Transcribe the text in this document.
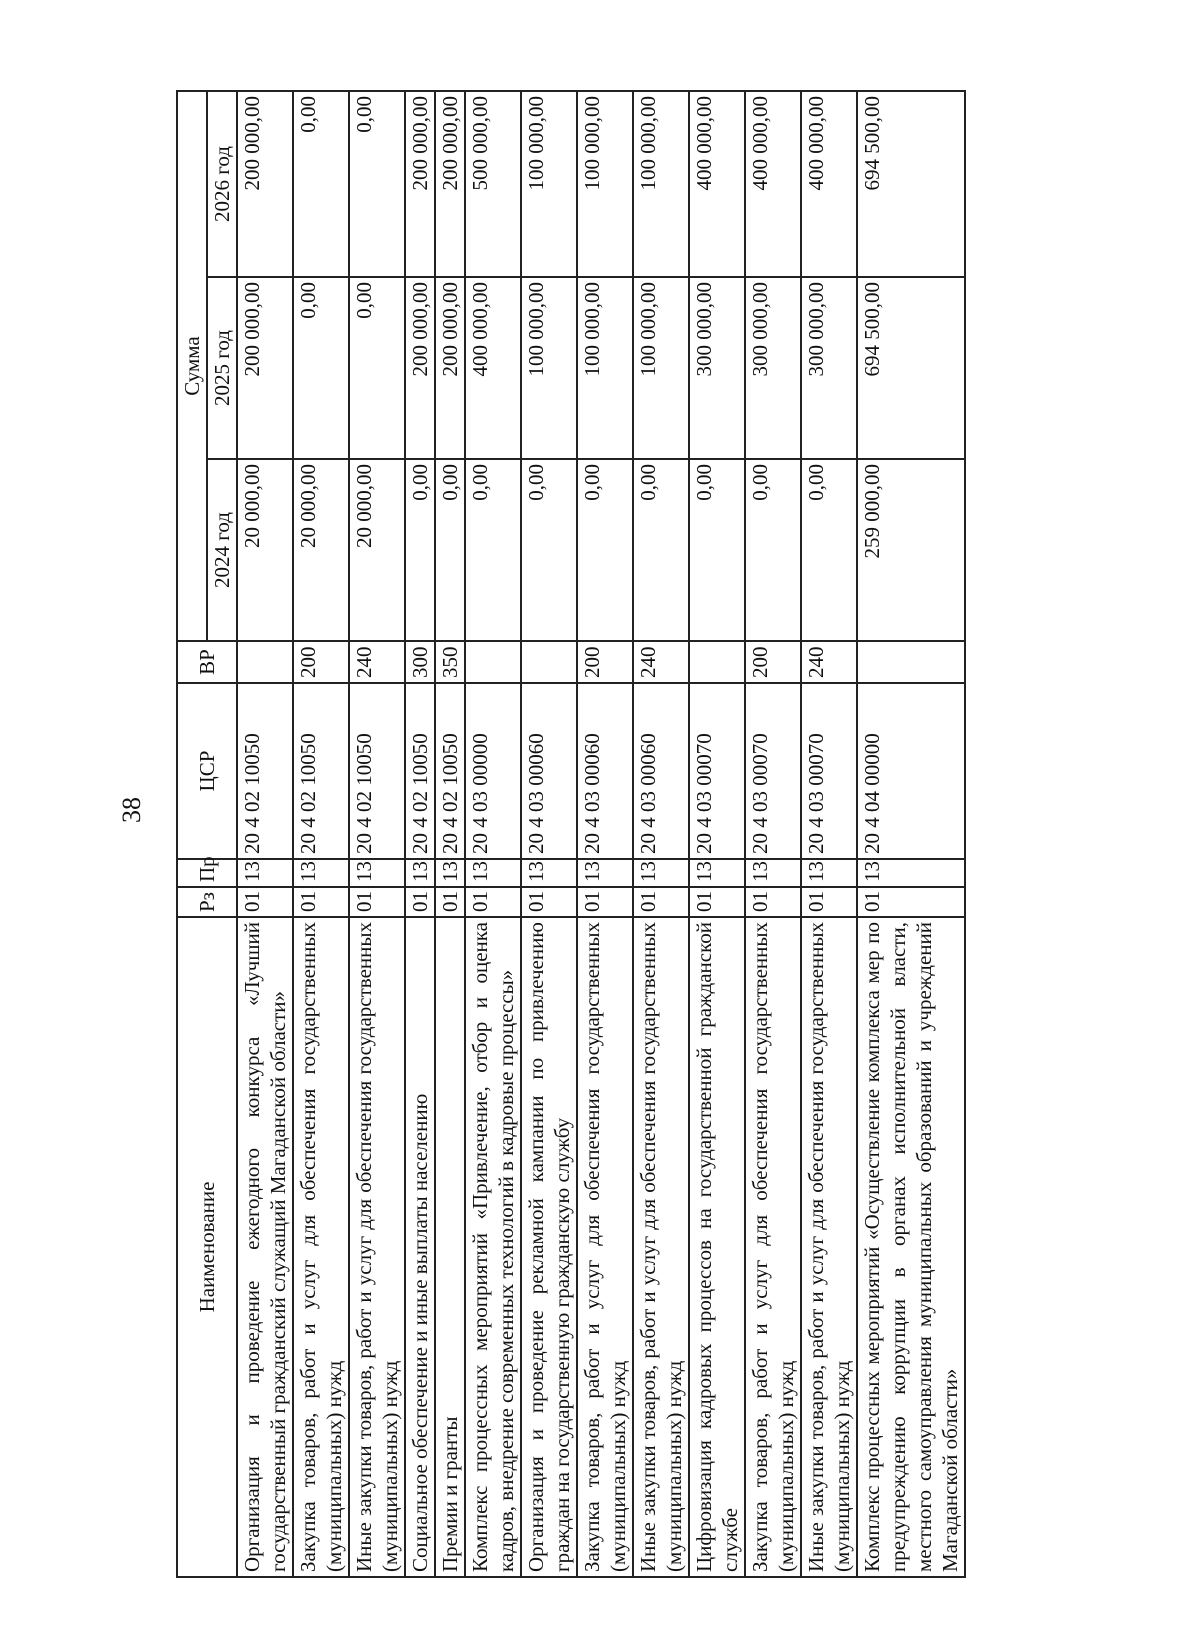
38
Наименование	Рз	Пр	ЦСР	ВР	Сумма		
					2024 год	2025 год	2026 год
Организация и проведение ежегодного конкурса «Лучший государственный гражданский служащий Магаданской области»	01	13	20 4 02 10050		20 000,00	200 000,00	200 000,00
Закупка товаров, работ и услуг для обеспечения государственных (муниципальных) нужд	01	13	20 4 02 10050	200	20 000,00	0,00	0,00
Иные закупки товаров, работ и услуг для обеспечения государственных (муниципальных) нужд	01	13	20 4 02 10050	240	20 000,00	0,00	0,00
Социальное обеспечение и иные выплаты населению	01	13	20 4 02 10050	300	0,00	200 000,00	200 000,00
Премии и гранты	01	13	20 4 02 10050	350	0,00	200 000,00	200 000,00
Комплекс процессных мероприятий «Привлечение, отбор и оценка кадров, внедрение современных технологий в кадровые процессы»	01	13	20 4 03 00000		0,00	400 000,00	500 000,00
Организация и проведение рекламной кампании по привлечению граждан на государственную гражданскую службу	01	13	20 4 03 00060		0,00	100 000,00	100 000,00
Закупка товаров, работ и услуг для обеспечения государственных (муниципальных) нужд	01	13	20 4 03 00060	200	0,00	100 000,00	100 000,00
Иные закупки товаров, работ и услуг для обеспечения государственных (муниципальных) нужд	01	13	20 4 03 00060	240	0,00	100 000,00	100 000,00
Цифровизация кадровых процессов на государственной гражданской службе	01	13	20 4 03 00070		0,00	300 000,00	400 000,00
Закупка товаров, работ и услуг для обеспечения государственных (муниципальных) нужд	01	13	20 4 03 00070	200	0,00	300 000,00	400 000,00
Иные закупки товаров, работ и услуг для обеспечения государственных (муниципальных) нужд	01	13	20 4 03 00070	240	0,00	300 000,00	400 000,00
Комплекс процессных мероприятий «Осуществление комплекса мер по предупреждению коррупции в органах исполнительной власти, местного самоуправления муниципальных образований и учреждений Магаданской области»	01	13	20 4 04 00000		259 000,00	694 500,00	694 500,00
